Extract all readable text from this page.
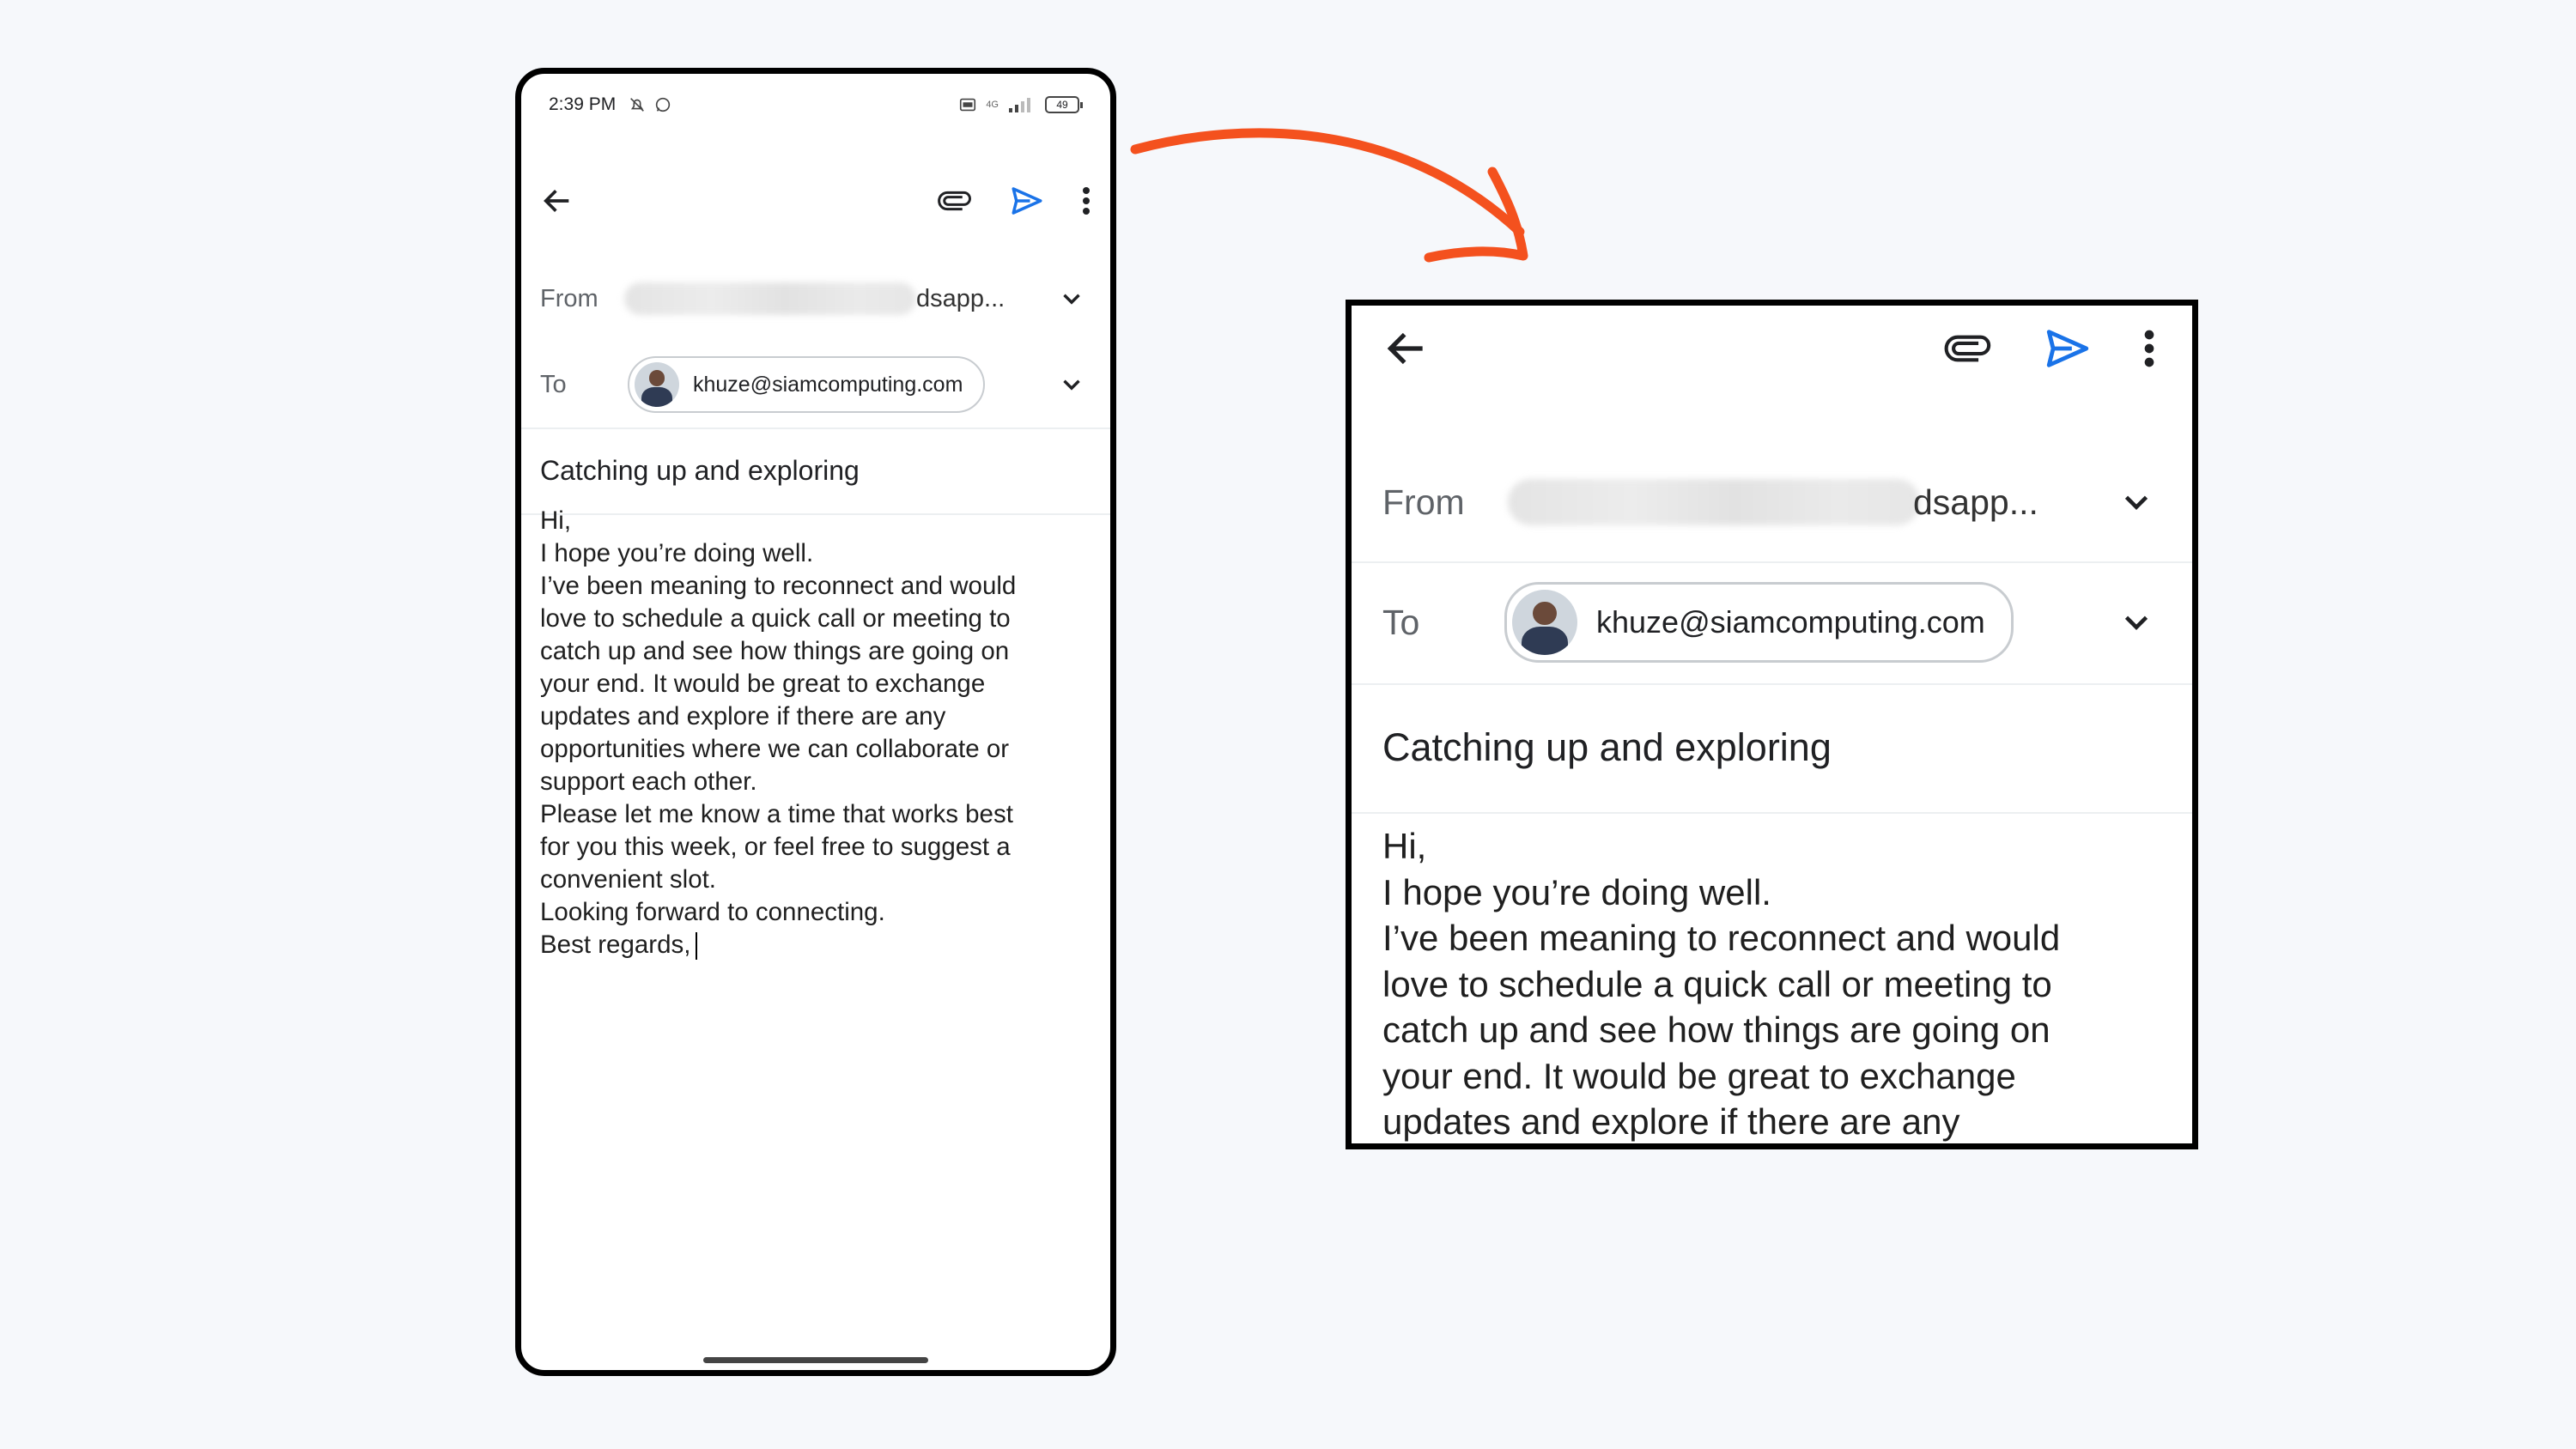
2:39 PM	4G	49
From	dsapp...
To	khuze@siamcomputing.com
Catching up and exploring
Hi,
I hope you’re doing well.
I’ve been meaning to reconnect and would
love to schedule a quick call or meeting to
catch up and see how things are going on
your end. It would be great to exchange
updates and explore if there are any
opportunities where we can collaborate or
support each other.
Please let me know a time that works best
for you this week, or feel free to suggest a
convenient slot.
Looking forward to connecting.
Best regards,
From	dsapp...
To	khuze@siamcomputing.com
Catching up and exploring
Hi,
I hope you’re doing well.
I’ve been meaning to reconnect and would
love to schedule a quick call or meeting to
catch up and see how things are going on
your end. It would be great to exchange
updates and explore if there are any
